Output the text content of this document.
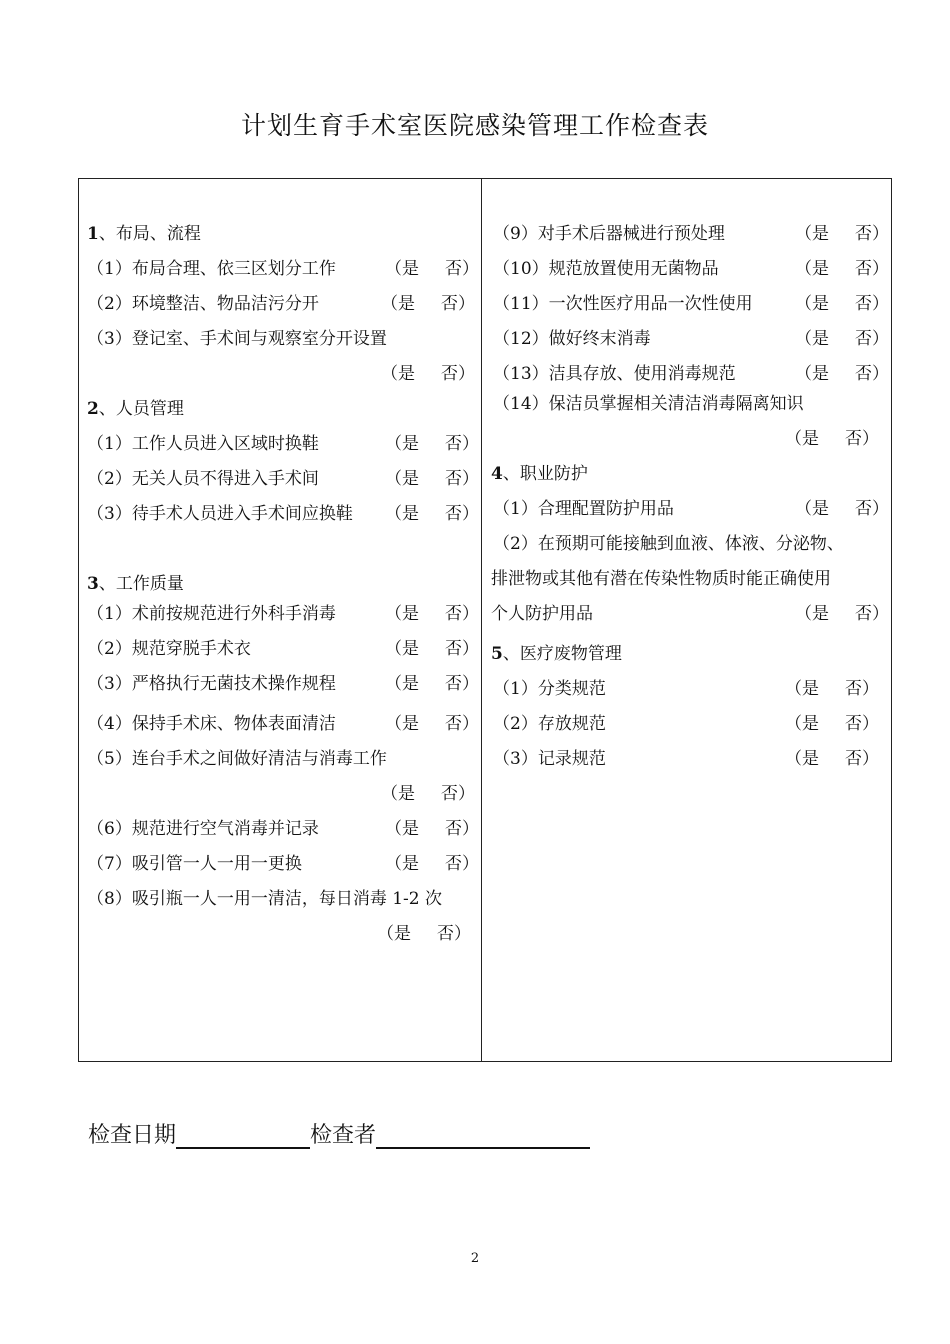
计划生育手术室医院感染管理工作检查表
1、布局、流程
（1）布局合理、依三区划分工作	（是 否）
（2）环境整洁、物品洁污分开	（是 否）
（3）登记室、手术间与观察室分开设置
（是 否）
2、人员管理
（1）工作人员进入区域时换鞋	（是 否）
（2）无关人员不得进入手术间	（是 否）
（3）待手术人员进入手术间应换鞋 （是 否）
3、工作质量
（1）术前按规范进行外科手消毒	（是 否）
（2）规范穿脱手术衣	（是 否）
（3）严格执行无菌技术操作规程	（是 否）
（4）保持手术床、物体表面清洁	（是 否）
（5）连台手术之间做好清洁与消毒工作
（是 否）
（6）规范进行空气消毒并记录	（是 否）
（7）吸引管一人一用一更换	（是 否）
（8）吸引瓶一人一用一清洁，每日消毒 1-2 次
（是 否）
（9）对手术后器械进行预处理	（是 否）
（10）规范放置使用无菌物品	（是 否）
（11）一次性医疗用品一次性使用 （是 否）
（12）做好终末消毒	（是 否）
（13）洁具存放、使用消毒规范	（是 否）
（14）保洁员掌握相关清洁消毒隔离知识
（是 否）
4、职业防护
（1）合理配置防护用品	（是 否）
（2）在预期可能接触到血液、体液、分泌物、
排泄物或其他有潜在传染性物质时能正确使用
个人防护用品	（是 否）
5、医疗废物管理
（1）分类规范	（是 否）
（2）存放规范	（是 否）
（3）记录规范	（是 否）
检查日期	检查者
2
